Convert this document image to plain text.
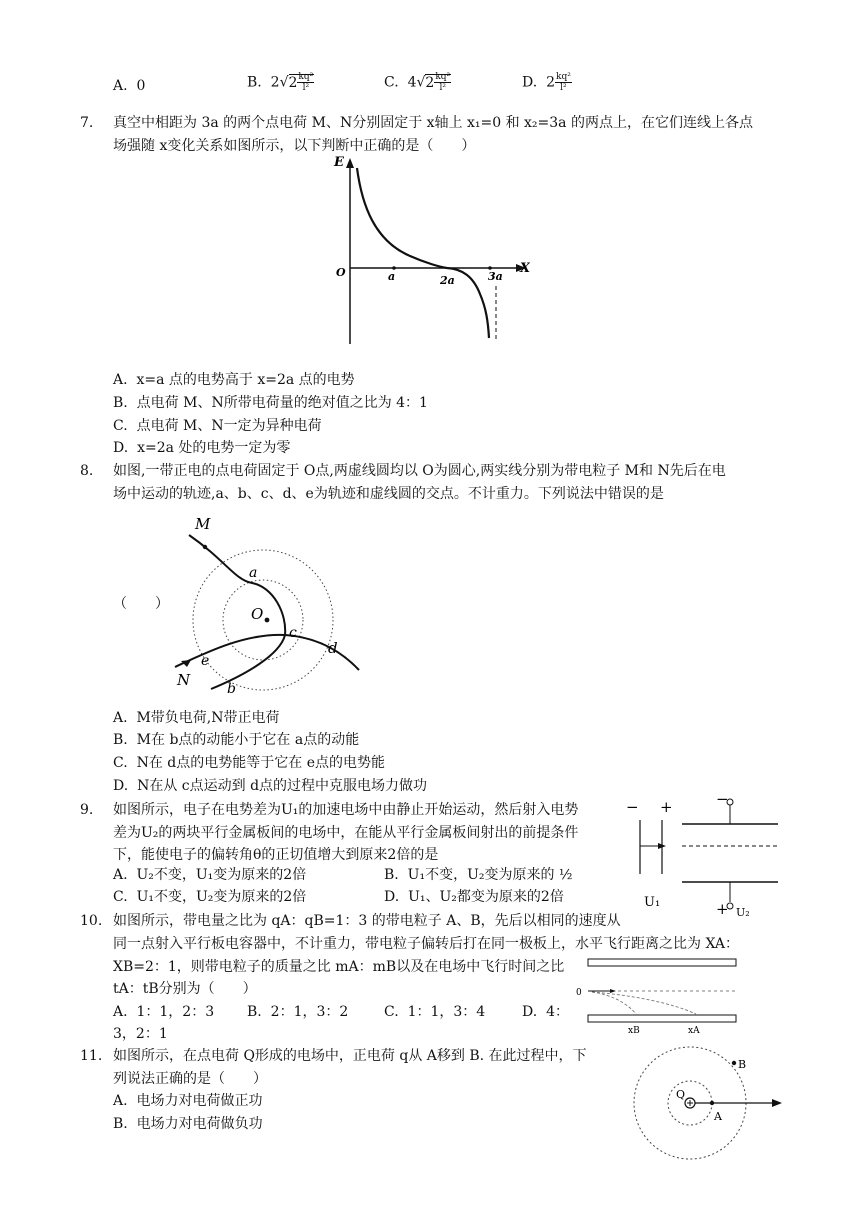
A. 0	B. $2√2 \frac{\text{kq²}}{\text{l²}}$	C. $4√2 \frac{\text{kq²}}{\text{l²}}$	D. $2 \frac{\text{kq²}}{\text{l²}}$
7. 真空中相距为 3a 的两个点电荷 M、N分别固定于 x轴上 x₁=0 和 x₂=3a 的两点上，在它们连线上各点
场强随 x变化关系如图所示，以下判断中正确的是（　　）
E
X
O	a	2a	3a
A. x=a 点的电势高于 x=2a 点的电势
B. 点电荷 M、N所带电荷量的绝对值之比为 4：1
C. 点电荷 M、N一定为异种电荷
D. x=2a 处的电势一定为零
8. 如图,一带正电的点电荷固定于 O点,两虚线圆均以 O为圆心,两实线分别为带电粒子 M和 N先后在电
场中运动的轨迹,a、b、c、d、e为轨迹和虚线圆的交点。不计重力。下列说法中错误的是
（　　）
M
a
O
c
d
e
N	b
A. M带负电荷,N带正电荷
B. M在 b点的动能小于它在 a点的动能
C. N在 d点的电势能等于它在 e点的电势能
D. N在从 c点运动到 d点的过程中克服电场力做功
9. 如图所示，电子在电势差为U₁的加速电场中由静止开始运动，然后射入电势
差为U₂的两块平行金属板间的电场中，在能从平行金属板间射出的前提条件
下，能使电子的偏转角θ的正切值增大到原来2倍的是
A. U₂不变，U₁变为原来的2倍	B. U₁不变，U₂变为原来的 ½
C. U₁不变，U₂变为原来的2倍	D. U₁、U₂都变为原来的2倍
− +
U₁
−
+ U₂
10. 如图所示，带电量之比为 qA：qB=1：3 的带电粒子 A、B，先后以相同的速度从
同一点射入平行板电容器中，不计重力，带电粒子偏转后打在同一极板上，水平飞行距离之比为 XA：
XB=2：1，则带电粒子的质量之比 mA：mB以及在电场中飞行时间之比
tA：tB分别为（　　）
A. 1：1，2：3 B. 2：1，3：2	C. 1：1，3：4	D. 4：
3，2：1
0
xB	xA
11. 如图所示，在点电荷 Q形成的电场中，正电荷 q从 A移到 B. 在此过程中，下
列说法正确的是（　　）
A. 电场力对电荷做正功
B. 电场力对电荷做负功
B
Q
A
